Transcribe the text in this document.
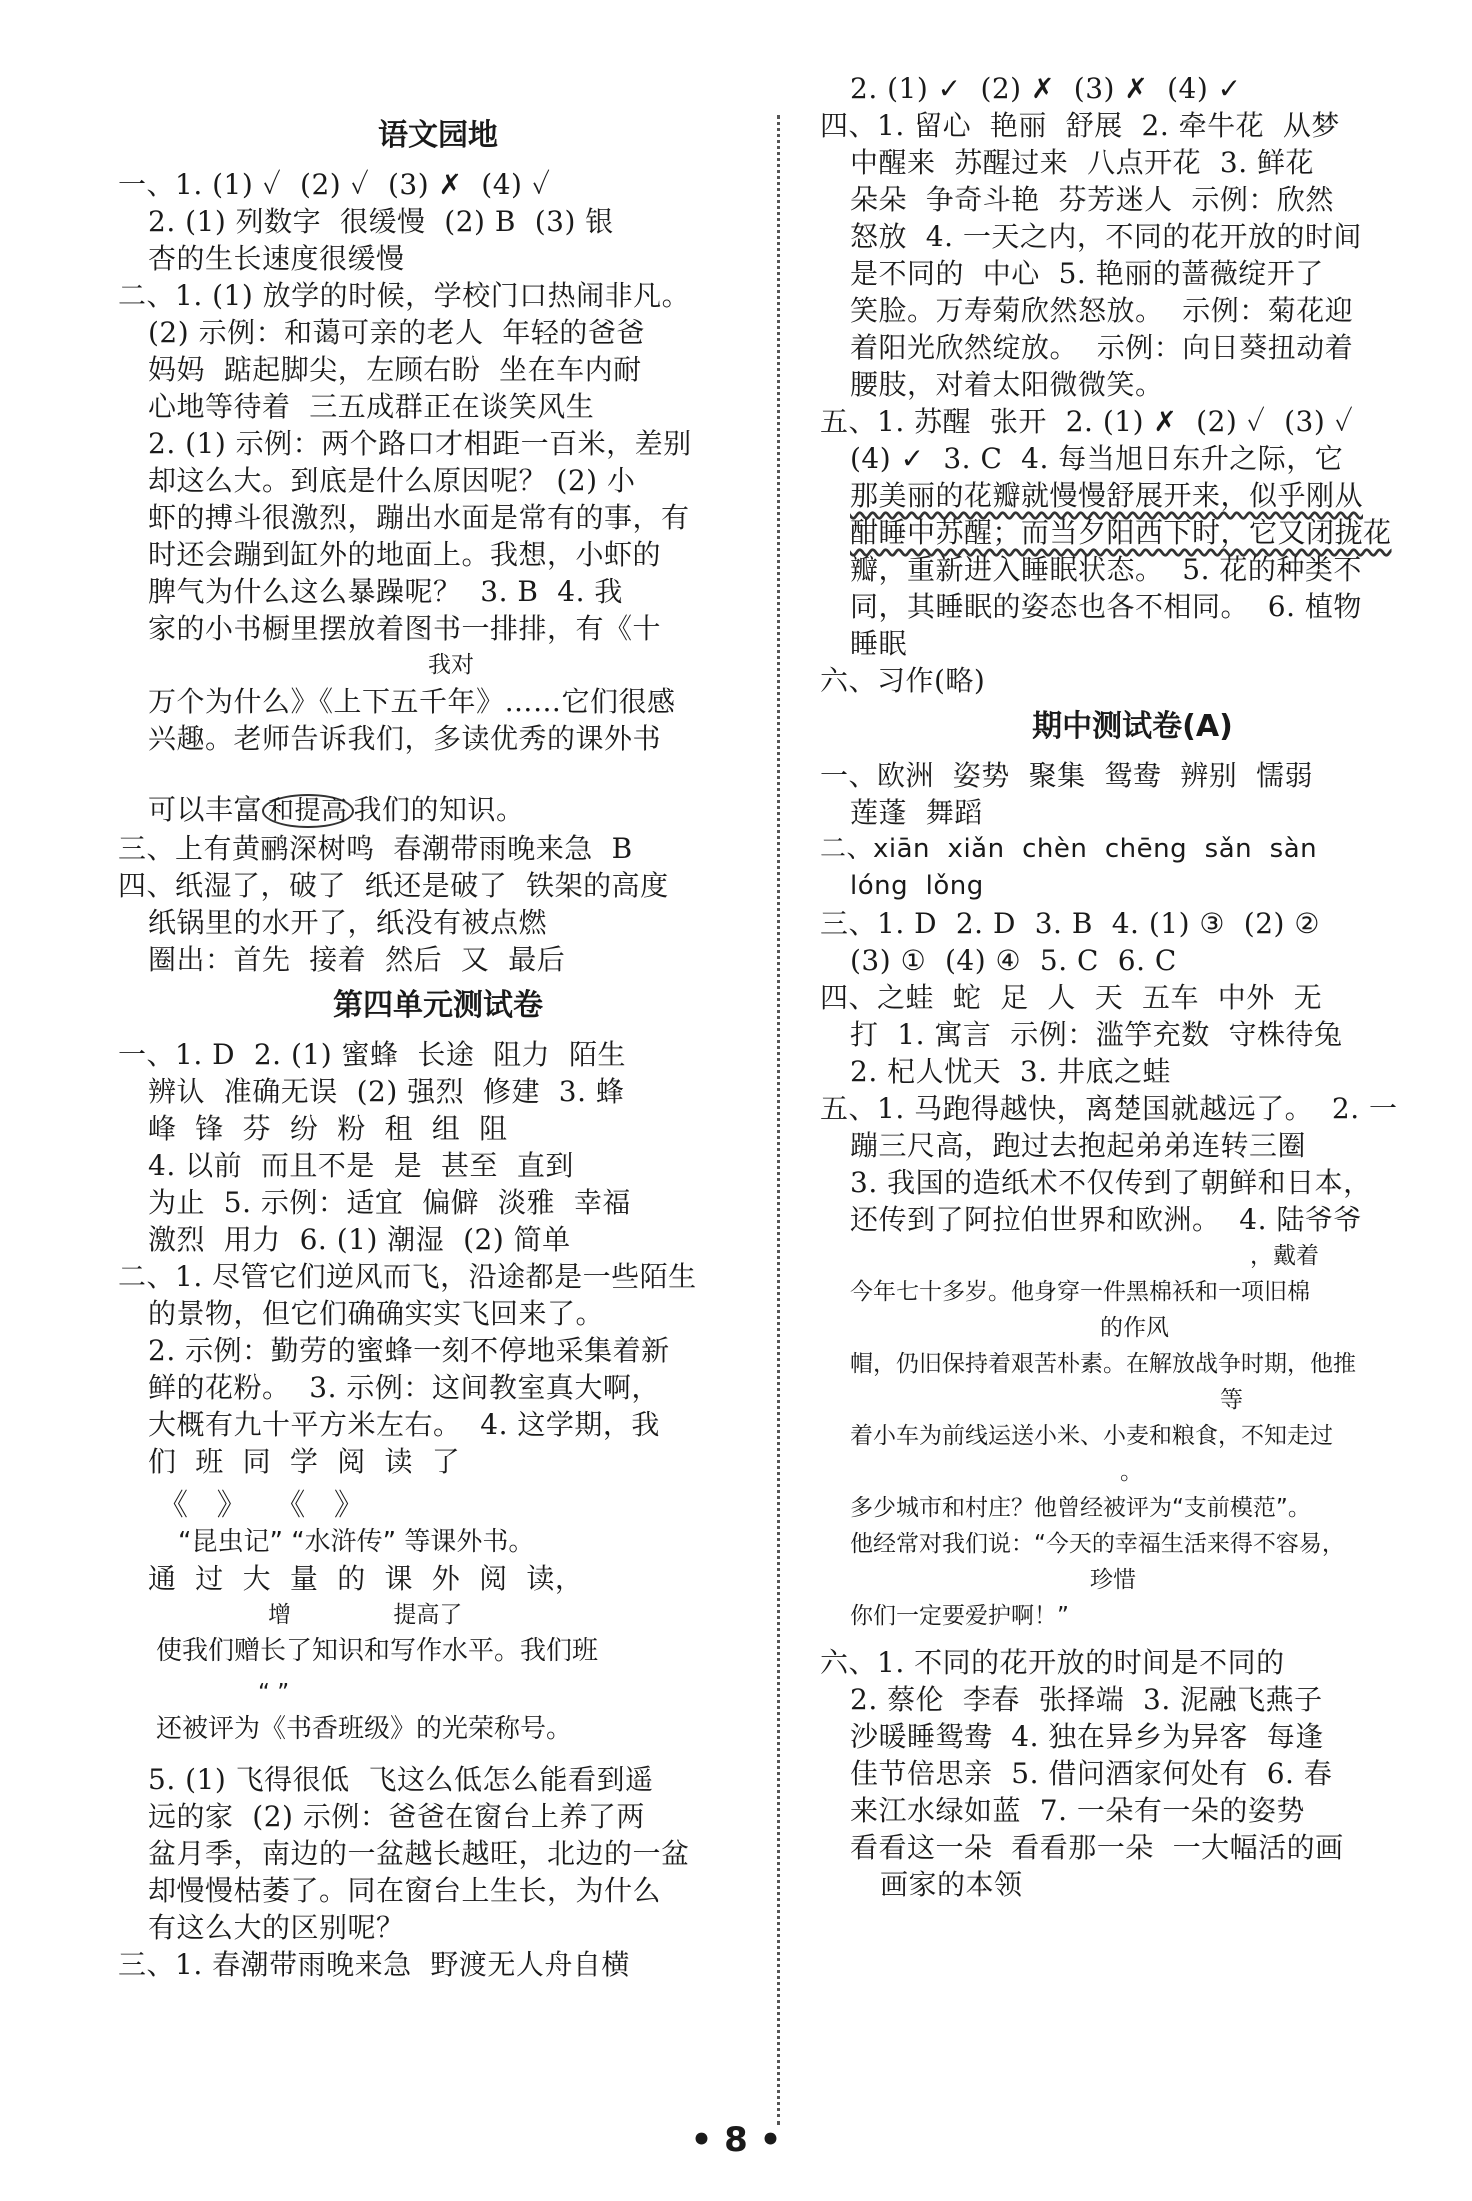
语文园地
一、1. (1) ✓  (2) ✓  (3) ✗  (4) ✓
2. (1) 列数字  很缓慢  (2) B  (3) 银
杏的生长速度很缓慢
二、1. (1) 放学的时候，学校门口热闹非凡。
(2) 示例：和蔼可亲的老人  年轻的爸爸
妈妈  踮起脚尖，左顾右盼  坐在车内耐
心地等待着  三五成群正在谈笑风生
2. (1) 示例：两个路口才相距一百米，差别
却这么大。到底是什么原因呢？ (2) 小
虾的搏斗很激烈，蹦出水面是常有的事，有
时还会蹦到缸外的地面上。我想，小虾的
脾气为什么这么暴躁呢？  3. B  4. 我
家的小书橱里摆放着图书一排排，有《十
我对
万个为什么》《上下五千年》……它们很感
兴趣。老师告诉我们，多读优秀的课外书
可以丰富 和提高 我们的知识。
三、上有黄鹂深树鸣  春潮带雨晚来急  B
四、纸湿了，破了  纸还是破了  铁架的高度
纸锅里的水开了，纸没有被点燃
圈出：首先  接着  然后  又  最后
第四单元测试卷
一、1. D  2. (1) 蜜蜂  长途  阻力  陌生
辨认  准确无误  (2) 强烈  修建  3. 蜂
峰  锋  芬  纷  粉  租  组  阻
4. 以前  而且不是  是  甚至  直到
为止  5. 示例：适宜  偏僻  淡雅  幸福
激烈  用力  6. (1) 潮湿  (2) 简单
二、1. 尽管它们逆风而飞，沿途都是一些陌生
的景物，但它们确确实实飞回来了。
2. 示例：勤劳的蜜蜂一刻不停地采集着新
鲜的花粉。  3. 示例：这间教室真大啊，
大概有九十平方米左右。  4. 这学期，我
们  班  同  学  阅  读  了
《   》   《   》
“昆虫记” “水浒传” 等课外书。
通  过  大  量  的  课  外  阅  读，
增              提高了
使我们赠长了知识和写作水平。我们班
“ ”
还被评为《书香班级》的光荣称号。
5. (1) 飞得很低  飞这么低怎么能看到遥
远的家  (2) 示例：爸爸在窗台上养了两
盆月季，南边的一盆越长越旺，北边的一盆
却慢慢枯萎了。同在窗台上生长，为什么
有这么大的区别呢？
三、1. 春潮带雨晚来急  野渡无人舟自横
2. (1) ✓  (2) ✗  (3) ✗  (4) ✓
四、1. 留心  艳丽  舒展  2. 牵牛花  从梦
中醒来  苏醒过来  八点开花  3. 鲜花
朵朵  争奇斗艳  芬芳迷人  示例：欣然
怒放  4. 一天之内，不同的花开放的时间
是不同的  中心  5. 艳丽的蔷薇绽开了
笑脸。万寿菊欣然怒放。  示例：菊花迎
着阳光欣然绽放。  示例：向日葵扭动着
腰肢，对着太阳微微笑。
五、1. 苏醒  张开  2. (1) ✗  (2) ✓  (3) ✓
(4) ✓  3. C  4. 每当旭日东升之际，它
那美丽的花瓣就慢慢舒展开来，似乎刚从
酣睡中苏醒；而当夕阳西下时，它又闭拢花
瓣，重新进入睡眠状态。  5. 花的种类不
同，其睡眠的姿态也各不相同。  6. 植物
睡眠
六、习作(略)
期中测试卷(A)
一、欧洲  姿势  聚集  鸳鸯  辨别  懦弱
莲蓬  舞蹈
二、xiān  xiǎn  chèn  chēng  sǎn  sàn
lóng  lǒng
三、1. D  2. D  3. B  4. (1) ③  (2) ②
(3) ①  (4) ④  5. C  6. C
四、之蛙  蛇  足  人  天  五车  中外  无
打  1. 寓言  示例：滥竽充数  守株待兔
2. 杞人忧天  3. 井底之蛙
五、1. 马跑得越快，离楚国就越远了。  2. 一
蹦三尺高，跑过去抱起弟弟连转三圈
3. 我国的造纸术不仅传到了朝鲜和日本，
还传到了阿拉伯世界和欧洲。  4. 陆爷爷
，戴着
今年七十多岁。他身穿一件黑棉袄和一项旧棉
的作风
帽，仍旧保持着艰苦朴素。在解放战争时期，他推
等
着小车为前线运送小米、小麦和粮食，不知走过
。
多少城市和村庄？他曾经被评为“支前模范”。
他经常对我们说：“今天的幸福生活来得不容易，
珍惜
你们一定要爱护啊！”
六、1. 不同的花开放的时间是不同的
2. 蔡伦  李春  张择端  3. 泥融飞燕子
沙暖睡鸳鸯  4. 独在异乡为异客  每逢
佳节倍思亲  5. 借问酒家何处有  6. 春
来江水绿如蓝  7. 一朵有一朵的姿势
看看这一朵  看看那一朵  一大幅活的画
画家的本领
• 8 •
